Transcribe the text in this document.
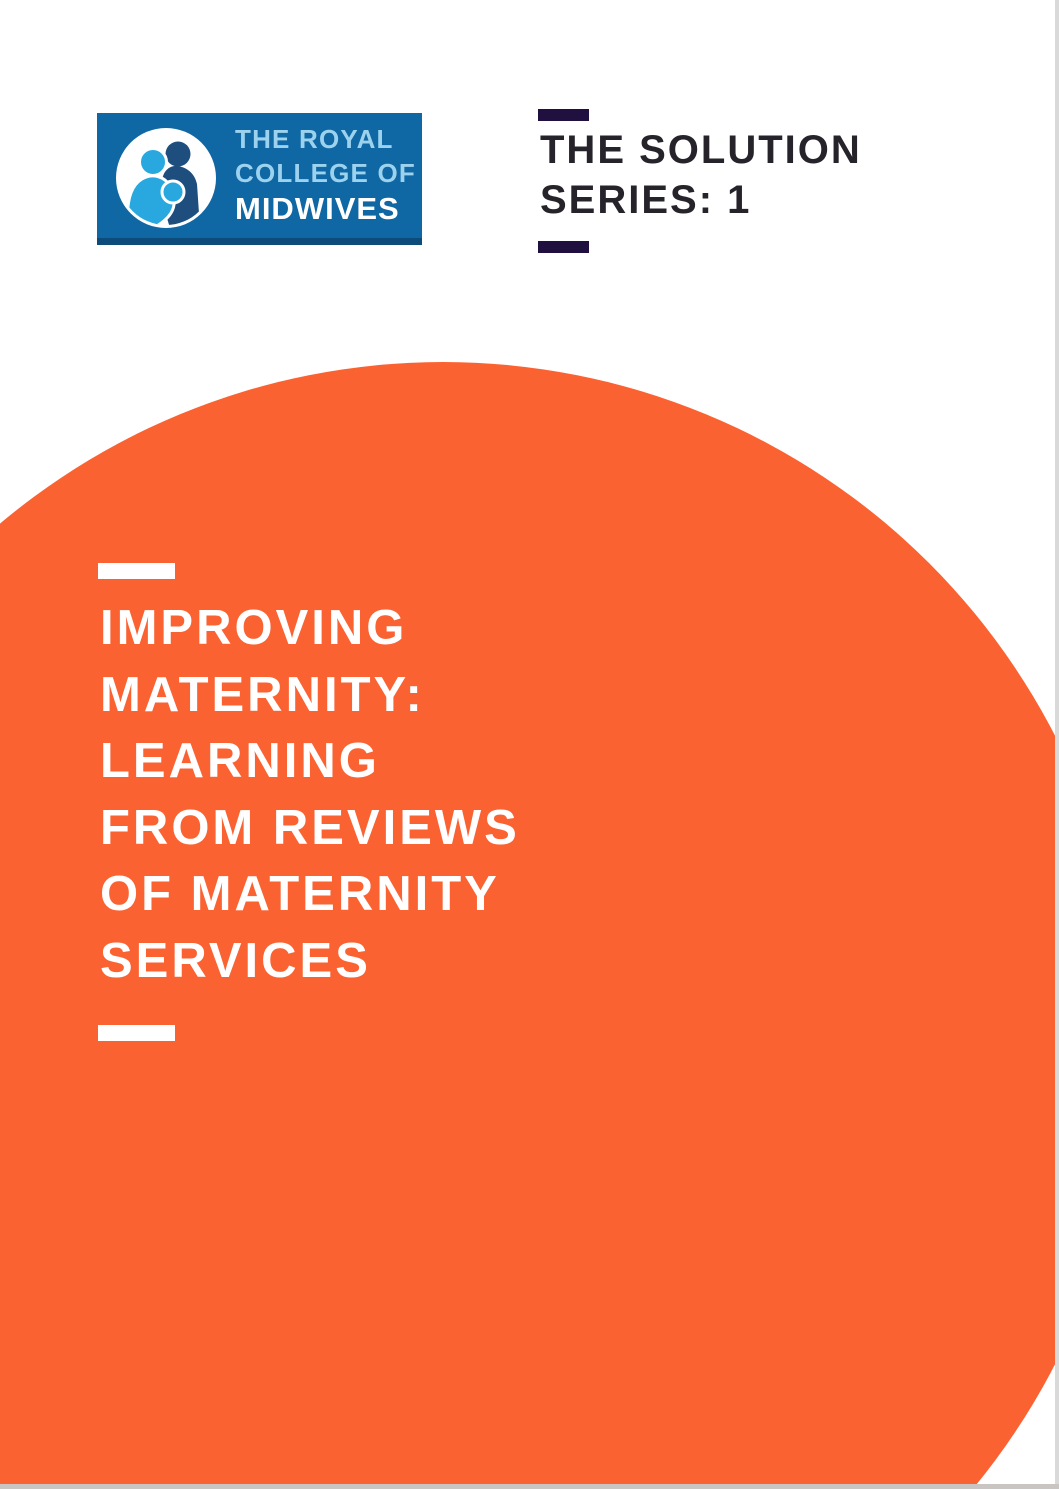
THE ROYAL
COLLEGE OF
MIDWIVES
THE SOLUTION
SERIES: 1
IMPROVING
MATERNITY:
LEARNING
FROM REVIEWS
OF MATERNITY
SERVICES
